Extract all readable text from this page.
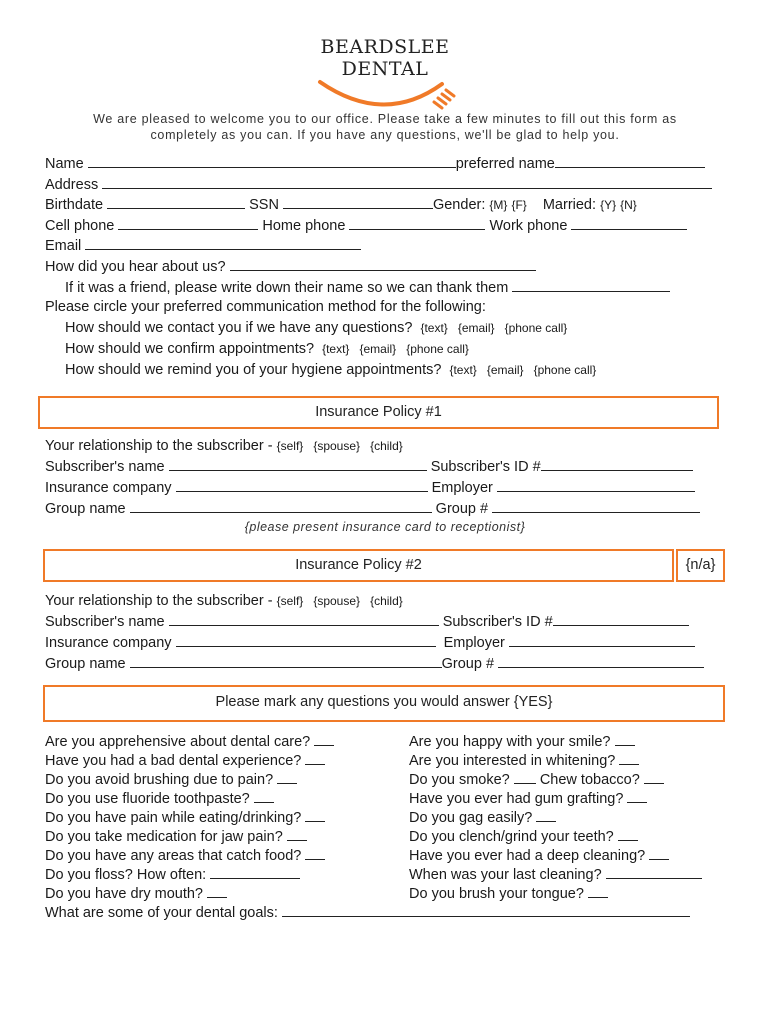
BEARDSLEE
DENTAL
We are pleased to welcome you to our office. Please take a few minutes to fill out this form as
completely as you can. If you have any questions, we'll be glad to help you.
Name	preferred name
Address
Birthdate	SSN	Gender: {M} {F} Married: {Y} {N}
Cell phone	Home phone	Work phone
Email
How did you hear about us?
If it was a friend, please write down their name so we can thank them
Please circle your preferred communication method for the following:
How should we contact you if we have any questions? {text} {email} {phone call}
How should we confirm appointments? {text} {email} {phone call}
How should we remind you of your hygiene appointments? {text} {email} {phone call}
Insurance Policy #1
Your relationship to the subscriber - {self} {spouse} {child}
Subscriber's name	Subscriber's ID #
Insurance company	Employer
Group name	Group #
{please present insurance card to receptionist}
Insurance Policy #2	{n/a}
Your relationship to the subscriber - {self} {spouse} {child}
Subscriber's name	Subscriber's ID #
Insurance company	Employer
Group name	Group #
Please mark any questions you would answer {YES}
Are you apprehensive about dental care?
Have you had a bad dental experience?
Do you avoid brushing due to pain?
Do you use fluoride toothpaste?
Do you have pain while eating/drinking?
Do you take medication for jaw pain?
Do you have any areas that catch food?
Do you floss? How often:
Do you have dry mouth?
Are you happy with your smile?
Are you interested in whitening?
Do you smoke? Chew tobacco?
Have you ever had gum grafting?
Do you gag easily?
Do you clench/grind your teeth?
Have you ever had a deep cleaning?
When was your last cleaning?
Do you brush your tongue?
What are some of your dental goals:
